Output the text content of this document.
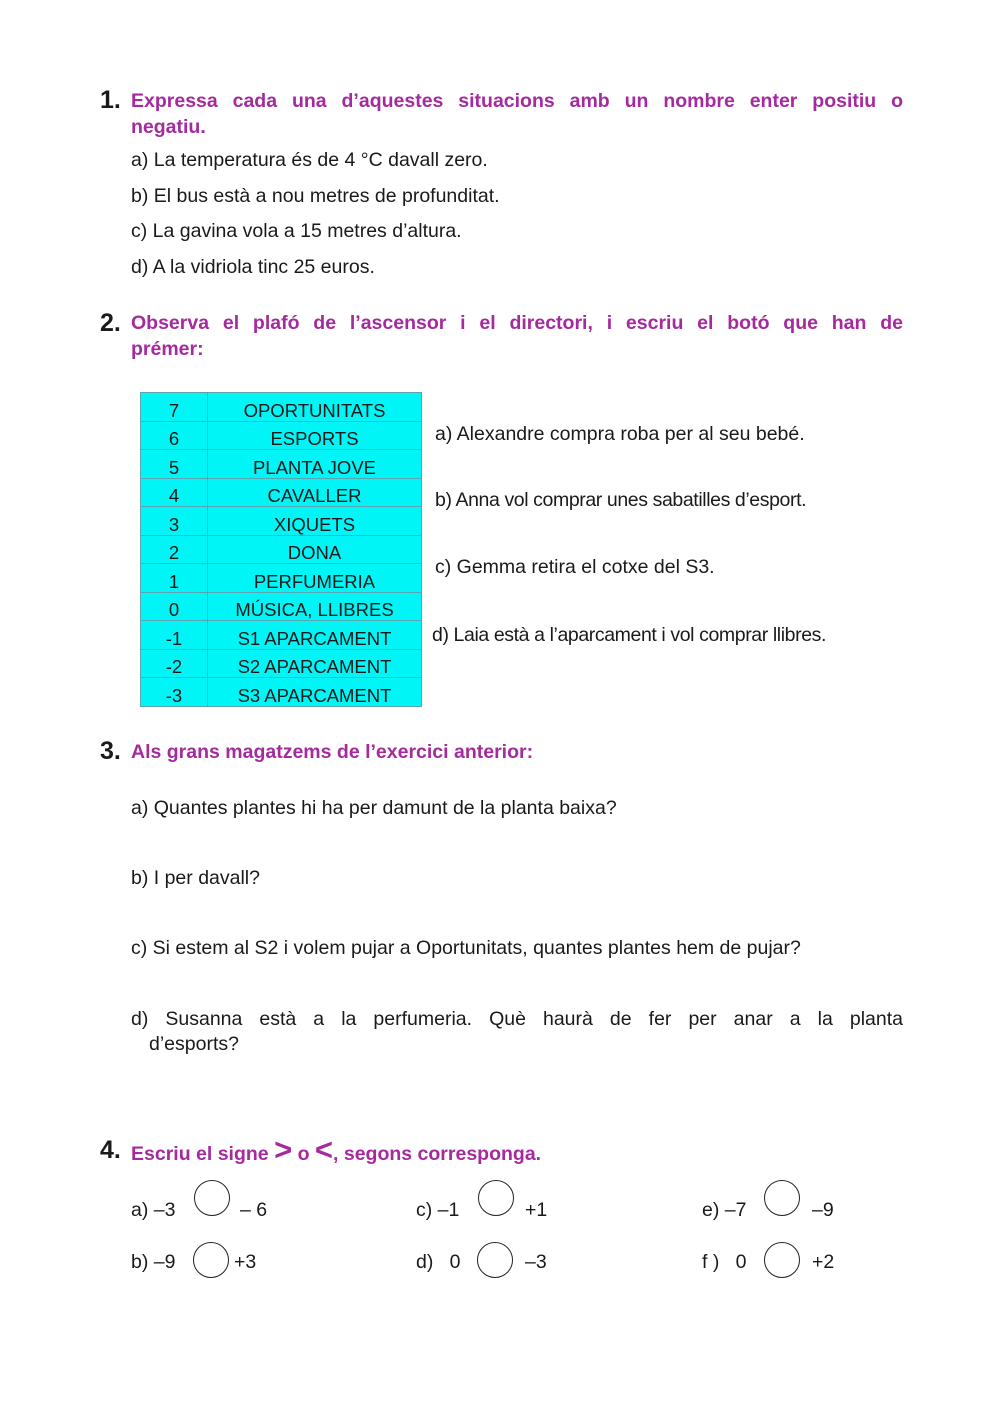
1. Expressa cada una d’aquestes situacions amb un nombre enter positiu o
negatiu.
a) La temperatura és de 4 °C davall zero.
b) El bus està a nou metres de profunditat.
c) La gavina vola a 15 metres d’altura.
d) A la vidriola tinc 25 euros.
2. Observa el plafó de l’ascensor i el directori, i escriu el botó que han de
prémer:
7	OPORTUNITATS
6	ESPORTS
5	PLANTA JOVE
4	CAVALLER
3	XIQUETS
2	DONA
1	PERFUMERIA
0	MÚSICA, LLIBRES
-1	S1 APARCAMENT
-2	S2 APARCAMENT
-3	S3 APARCAMENT
a) Alexandre compra roba per al seu bebé.
b) Anna vol comprar unes sabatilles d’esport.
c) Gemma retira el cotxe del S3.
d) Laia està a l’aparcament i vol comprar llibres.
3. Als grans magatzems de l’exercici anterior:
a) Quantes plantes hi ha per damunt de la planta baixa?
b) I per davall?
c) Si estem al S2 i volem pujar a Oportunitats, quantes plantes hem de pujar?
d) Susanna està a la perfumeria. Què haurà de fer per anar a la planta
d’esports?
4. Escriu el signe > o <, segons corresponga.
a) –3	– 6	c) –1	+1	e) –7	–9
b) –9	+3	d)   0	–3	f )   0	+2
